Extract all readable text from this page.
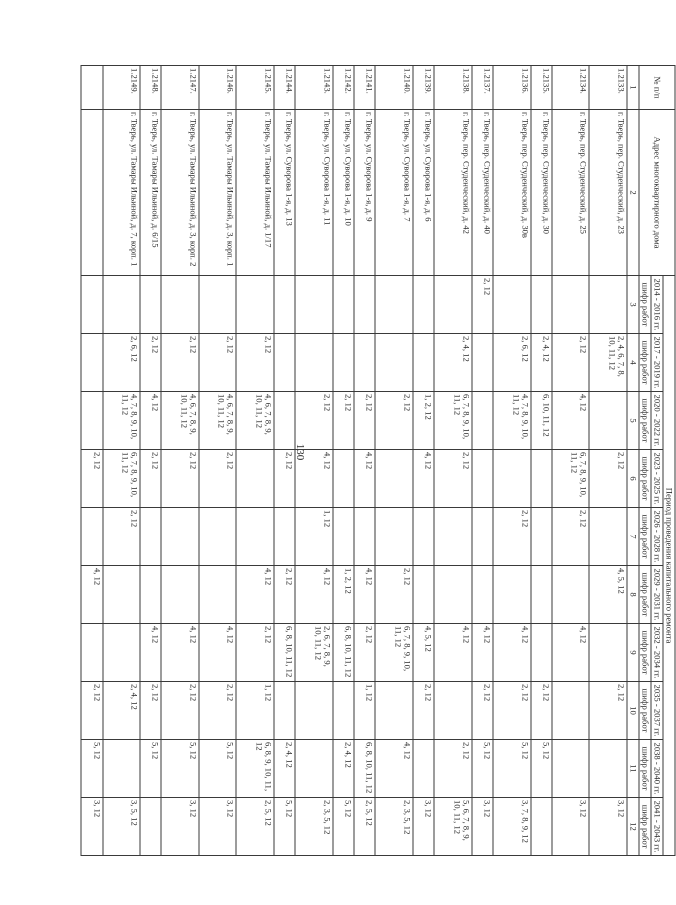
130
№ п/п	Адрес многоквартирного дома	Период проведения капитального ремонта									
		2014 - 2016 гг.	2017 - 2019 гг.	2020 - 2022 гг.	2023 - 2025 гг.	2026 - 2028 гг.	2029 - 2031 гг.	2032 - 2034 гг.	2035 - 2037 гг.	2038 - 2040 гг.	2041 - 2043 гг.
		шифр работ	шифр работ	шифр работ	шифр работ	шифр работ	шифр работ	шифр работ	шифр работ	шифр работ	шифр работ
1	2	3	4	5	6	7	8	9	10	11	12
1.2133.	г. Тверь, пер. Студенческий, д. 23		2, 4, 6, 7, 8, 10, 11, 12		2, 12		4, 5, 12		2, 12		3, 12
1.2134.	г. Тверь, пер. Студенческий, д. 25		2, 12	4, 12	6, 7, 8, 9, 10, 11, 12	2, 12		4, 12			3, 12
1.2135.	г. Тверь, пер. Студенческий, д. 30		2, 4, 12	6, 10, 11, 12					2, 12	5, 12	
1.2136.	г. Тверь, пер. Студенческий, д. 30в		2, 6, 12	4, 7, 8, 9, 10, 11, 12		2, 12		4, 12	2, 12	5, 12	3, 7, 8, 9, 12
1.2137.	г. Тверь, пер. Студенческий, д. 40	2, 12						4, 12	2, 12	5, 12	3, 12
1.2138.	г. Тверь, пер. Студенческий, д. 42		2, 4, 12	6, 7, 8, 9, 10, 11, 12	2, 12			4, 12		2, 12	5, 6, 7, 8, 9, 10, 11, 12
1.2139.	г. Тверь, ул. Суворова 1-я, д. 6			1, 2, 12	4, 12			4, 5, 12	2, 12		3, 12
1.2140.	г. Тверь, ул. Суворова 1-я, д. 7			2, 12			2, 12	6, 7, 8, 9, 10, 11, 12		4, 12	2, 3, 5, 12
1.2141.	г. Тверь, ул. Суворова 1-я, д. 9			2, 12	4, 12		4, 12	2, 12	1, 12	6, 8, 10, 11, 12	2, 5, 12
1.2142.	г. Тверь, ул. Суворова 1-я, д. 10			2, 12			1, 2, 12	6, 8, 10, 11, 12		2, 4, 12	5, 12
1.2143.	г. Тверь, ул. Суворова 1-я, д. 11			2, 12	4, 12	1, 12	4, 12	2, 6, 7, 8, 9, 10, 11, 12			2, 3, 5, 12
1.2144.	г. Тверь, ул. Суворова 1-я, д. 13				2, 12		2, 12	6, 8, 10, 11, 12		2, 4, 12	5, 12
1.2145.	г. Тверь, ул. Тамары Ильиной, д. 1/17		2, 12	4, 6, 7, 8, 9, 10, 11, 12			4, 12	2, 12	1, 12	6, 8, 9, 10, 11, 12	2, 5, 12
1.2146.	г. Тверь, ул. Тамары Ильиной, д. 3, корп. 1		2, 12	4, 6, 7, 8, 9, 10, 11, 12	2, 12			4, 12	2, 12	5, 12	3, 12
1.2147.	г. Тверь, ул. Тамары Ильиной, д. 3, корп. 2		2, 12	4, 6, 7, 8, 9, 10, 11, 12	2, 12			4, 12	2, 12	5, 12	3, 12
1.2148.	г. Тверь, ул. Тамары Ильиной, д. 6/15		2, 12	4, 12	2, 12			4, 12	2, 12	5, 12	
1.2149.	г. Тверь, ул. Тамары Ильиной, д. 7, корп. 1		2, 6, 12	4, 7, 8, 9, 10, 11, 12	6, 7, 8, 9, 10, 11, 12	2, 12			2, 4, 12		3, 5, 12
					2, 12		4, 12		2, 12	5, 12	3, 12
